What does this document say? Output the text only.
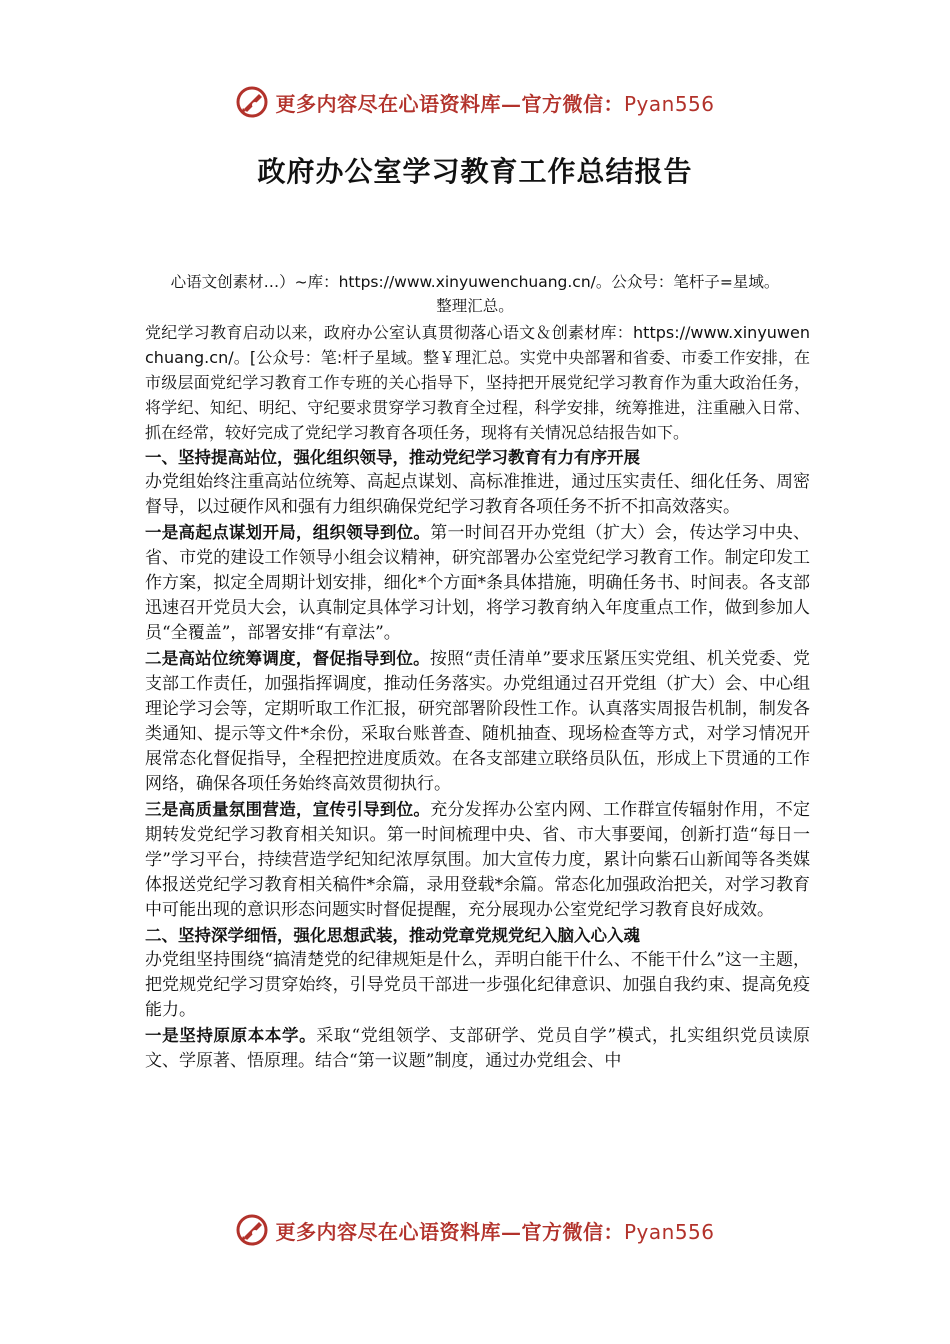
更多内容尽在心语资料库—官方微信：Pyan556
政府办公室学习教育工作总结报告
心语文创素材…）~库：https://www.xinyuwenchuang.cn/。公众号：笔杆子=星域。
整理汇总。

党纪学习教育启动以来，政府办公室认真贯彻落心语文＆创素材库：https://www.xinyuwenchuang.cn/。[公众号：笔:杆子星域。整￥理汇总。实党中央部署和省委、市委工作安排，在市级层面党纪学习教育工作专班的关心指导下，坚持把开展党纪学习教育作为重大政治任务，将学纪、知纪、明纪、守纪要求贯穿学习教育全过程，科学安排，统筹推进，注重融入日常、抓在经常，较好完成了党纪学习教育各项任务，现将有关情况总结报告如下。

一、坚持提高站位，强化组织领导，推动党纪学习教育有力有序开展

办党组始终注重高站位统筹、高起点谋划、高标准推进，通过压实责任、细化任务、周密督导，以过硬作风和强有力组织确保党纪学习教育各项任务不折不扣高效落实。

一是高起点谋划开局，组织领导到位。第一时间召开办党组（扩大）会，传达学习中央、省、市党的建设工作领导小组会议精神，研究部署办公室党纪学习教育工作。制定印发工作方案，拟定全周期计划安排，细化*个方面*条具体措施，明确任务书、时间表。各支部迅速召开党员大会，认真制定具体学习计划，将学习教育纳入年度重点工作，做到参加人员“全覆盖”，部署安排“有章法”。

二是高站位统筹调度，督促指导到位。按照“责任清单”要求压紧压实党组、机关党委、党支部工作责任，加强指挥调度，推动任务落实。办党组通过召开党组（扩大）会、中心组理论学习会等，定期听取工作汇报，研究部署阶段性工作。认真落实周报告机制，制发各类通知、提示等文件*余份，采取台账普查、随机抽查、现场检查等方式，对学习情况开展常态化督促指导，全程把控进度质效。在各支部建立联络员队伍，形成上下贯通的工作网络，确保各项任务始终高效贯彻执行。

三是高质量氛围营造，宣传引导到位。充分发挥办公室内网、工作群宣传辐射作用，不定期转发党纪学习教育相关知识。第一时间梳理中央、省、市大事要闻，创新打造“每日一学”学习平台，持续营造学纪知纪浓厚氛围。加大宣传力度，累计向紫石山新闻等各类媒体报送党纪学习教育相关稿件*余篇，录用登载*余篇。常态化加强政治把关，对学习教育中可能出现的意识形态问题实时督促提醒，充分展现办公室党纪学习教育良好成效。

二、坚持深学细悟，强化思想武装，推动党章党规党纪入脑入心入魂

办党组坚持围绕“搞清楚党的纪律规矩是什么，弄明白能干什么、不能干什么”这一主题，把党规党纪学习贯穿始终，引导党员干部进一步强化纪律意识、加强自我约束、提高免疫能力。

一是坚持原原本本学。采取“党组领学、支部研学、党员自学”模式，扎实组织党员读原文、学原著、悟原理。结合“第一议题”制度，通过办党组会、中

更多内容尽在心语资料库—官方微信：Pyan556
